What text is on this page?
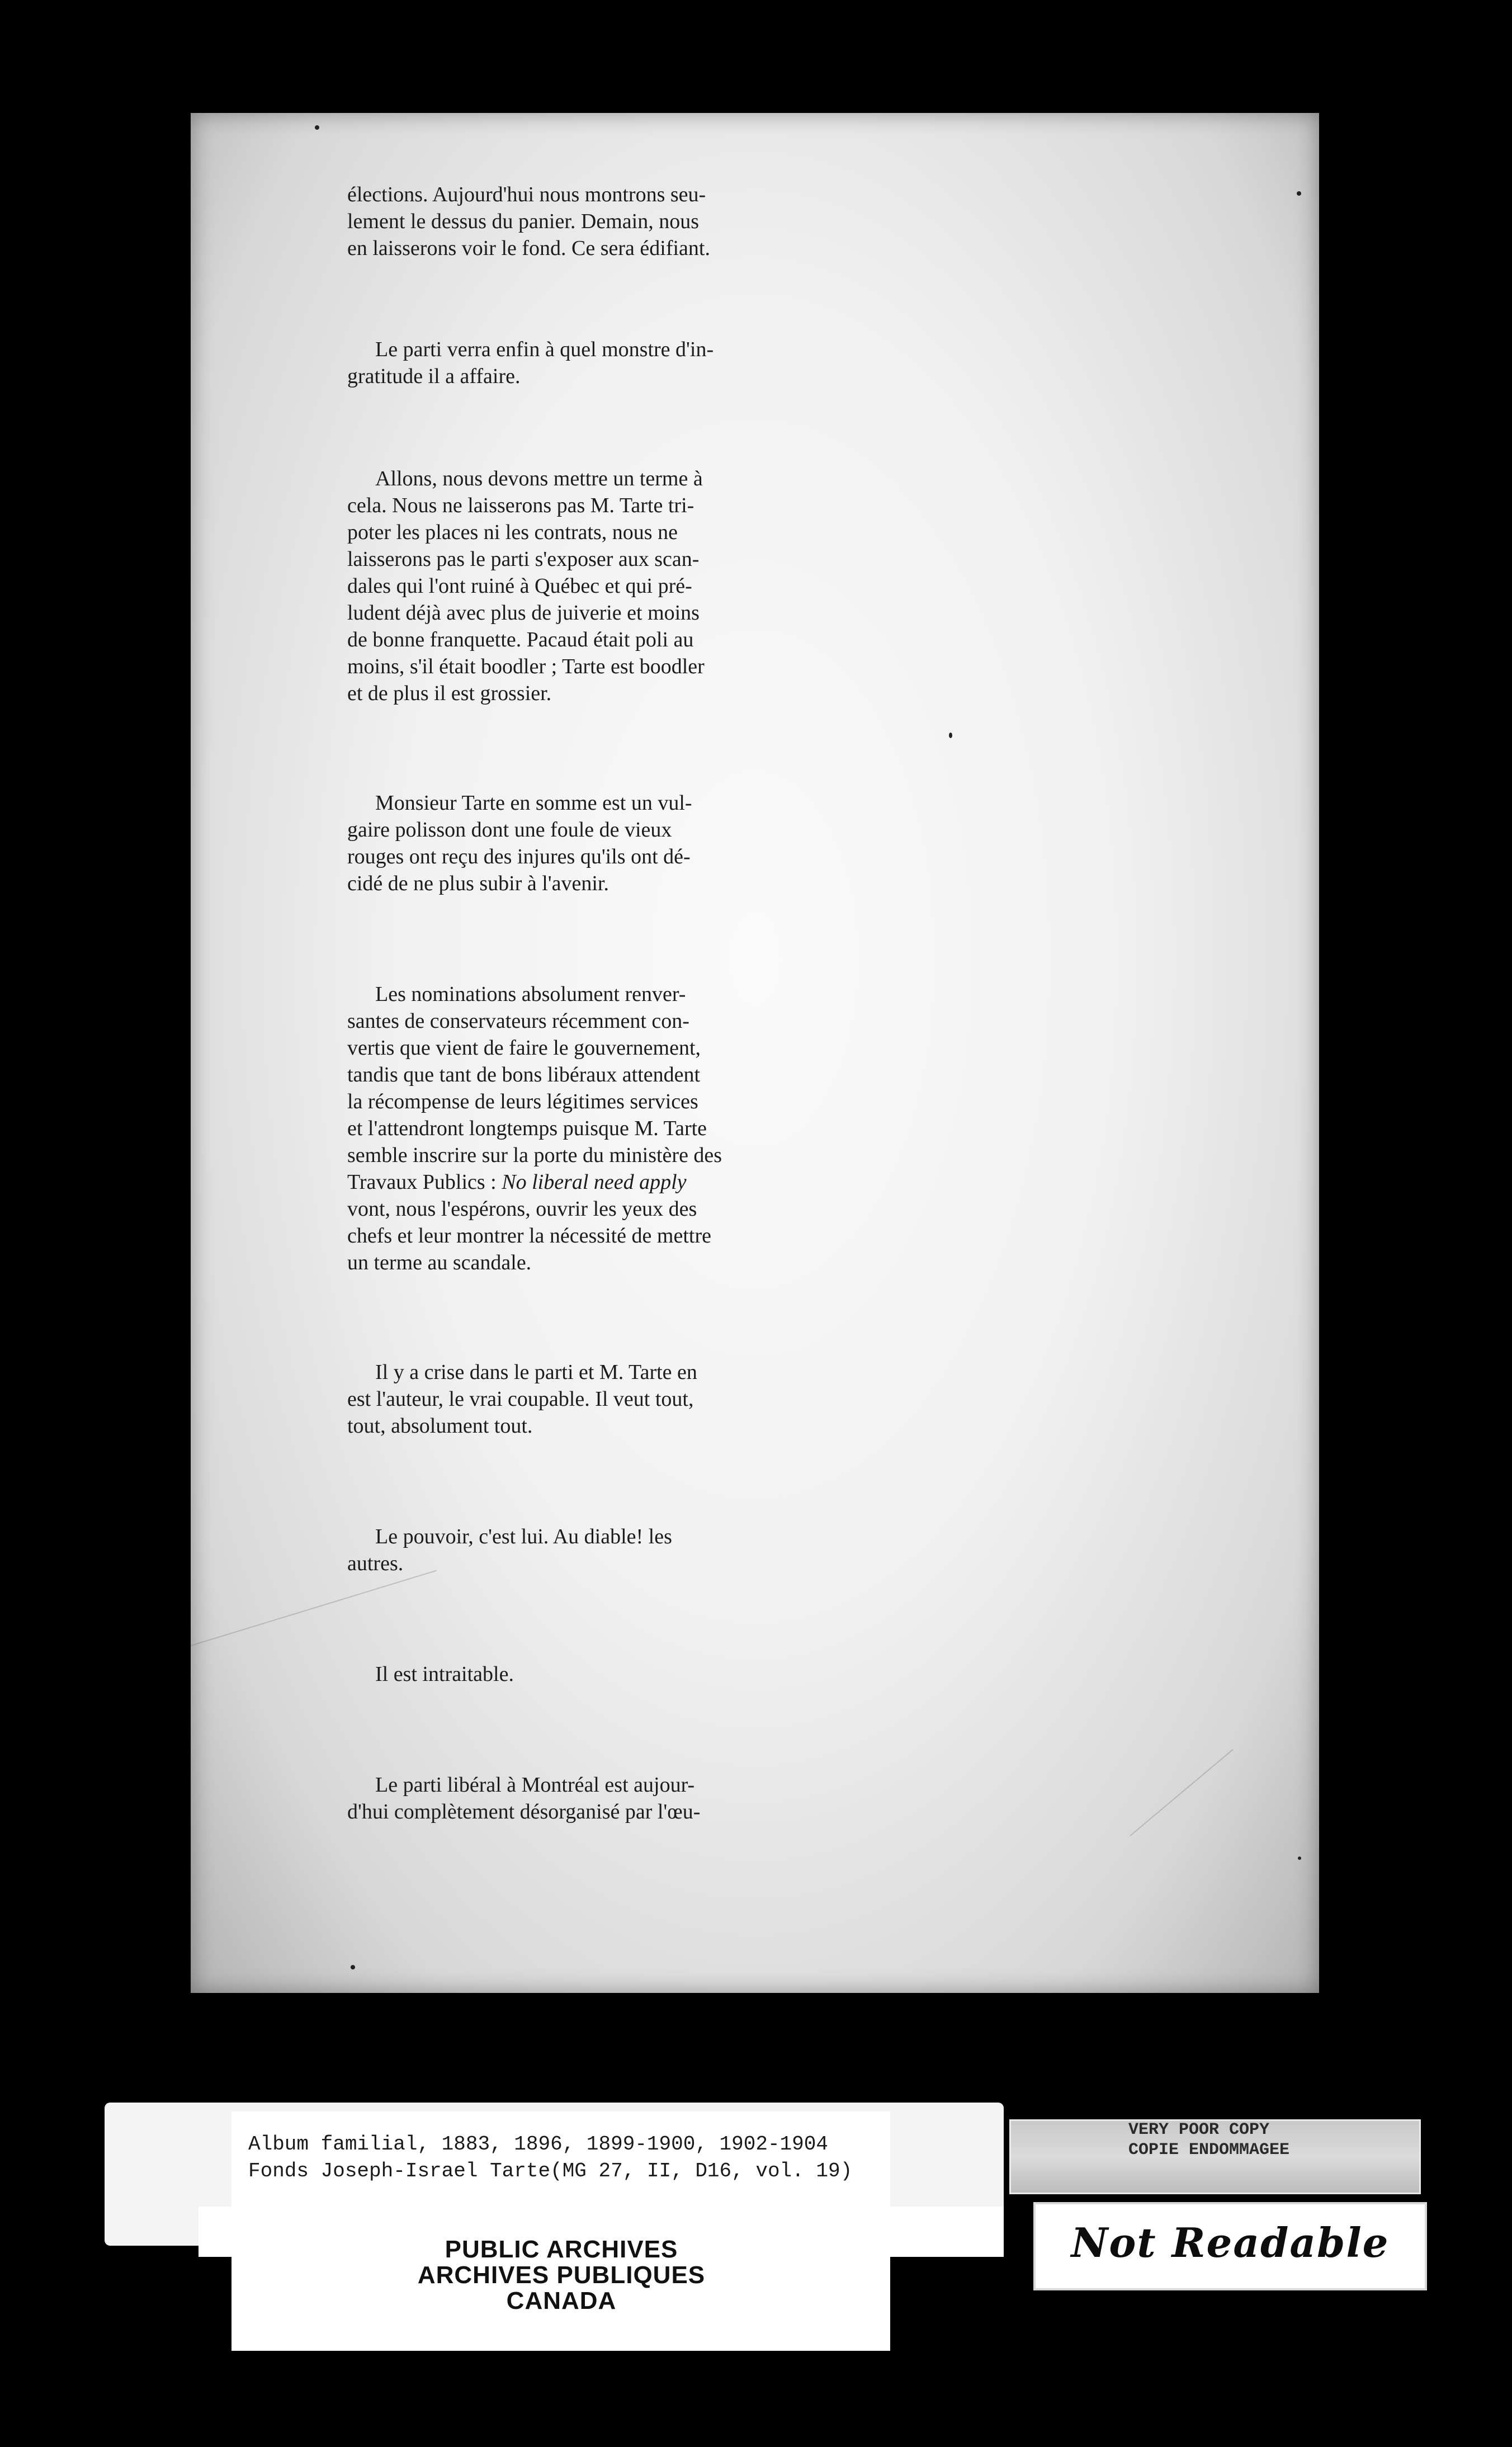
élections. Aujourd'hui nous montrons seu-
lement le dessus du panier. Demain, nous
en laisserons voir le fond. Ce sera édifiant.

Le parti verra enfin à quel monstre d'in-
gratitude il a affaire.

Allons, nous devons mettre un terme à
cela. Nous ne laisserons pas M. Tarte tri-
poter les places ni les contrats, nous ne
laisserons pas le parti s'exposer aux scan-
dales qui l'ont ruiné à Québec et qui pré-
ludent déjà avec plus de juiverie et moins
de bonne franquette. Pacaud était poli au
moins, s'il était boodler ; Tarte est boodler
et de plus il est grossier.

Monsieur Tarte en somme est un vul-
gaire polisson dont une foule de vieux
rouges ont reçu des injures qu'ils ont dé-
cidé de ne plus subir à l'avenir.

Les nominations absolument renver-
santes de conservateurs récemment con-
vertis que vient de faire le gouvernement,
tandis que tant de bons libéraux attendent
la récompense de leurs légitimes services
et l'attendront longtemps puisque M. Tarte
semble inscrire sur la porte du ministère des
Travaux Publics : No liberal need apply
vont, nous l'espérons, ouvrir les yeux des
chefs et leur montrer la nécessité de mettre
un terme au scandale.

Il y a crise dans le parti et M. Tarte en
est l'auteur, le vrai coupable. Il veut tout,
tout, absolument tout.

Le pouvoir, c'est lui. Au diable! les
autres.

Il est intraitable.

Le parti libéral à Montréal est aujour-
d'hui complètement désorganisé par l'œu-

Album familial, 1883, 1896, 1899-1900, 1902-1904
Fonds Joseph-Israel Tarte(MG 27, II, D16, vol. 19)
PUBLIC ARCHIVES
ARCHIVES PUBLIQUES
CANADA
VERY POOR COPY
COPIE ENDOMMAGEE
Not Readable
